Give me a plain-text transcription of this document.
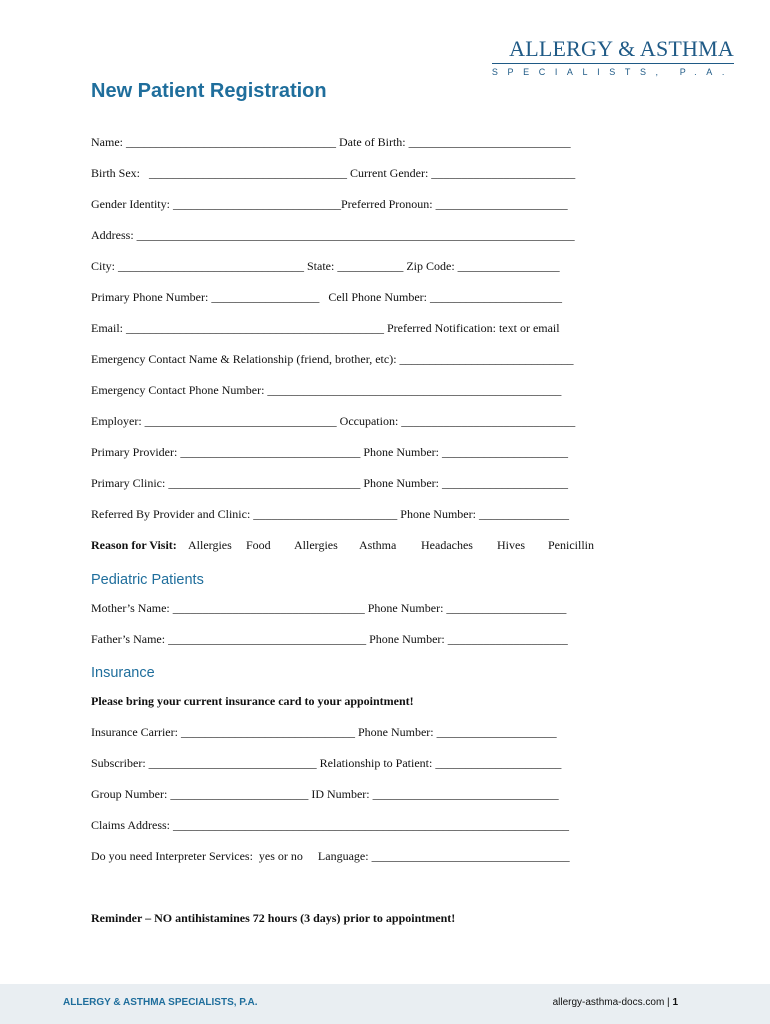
ALLERGY & ASTHMA
SPECIALISTS, P.A.
New Patient Registration
Name: ___________________________________ Date of Birth: ___________________________
Birth Sex:   _________________________________ Current Gender: ________________________
Gender Identity: ____________________________Preferred Pronoun: ______________________
Address: _________________________________________________________________________
City: _______________________________ State: ___________ Zip Code: _________________
Primary Phone Number: __________________   Cell Phone Number: ______________________
Email: ___________________________________________ Preferred Notification: text or email
Emergency Contact Name & Relationship (friend, brother, etc): _____________________________
Emergency Contact Phone Number: _________________________________________________
Employer: ________________________________ Occupation: _____________________________
Primary Provider: ______________________________ Phone Number: _____________________
Primary Clinic: ________________________________ Phone Number: _____________________
Referred By Provider and Clinic: ________________________ Phone Number: _______________

Reason for Visit:

Allergies

Food

Allergies

Asthma

Headaches

Hives

Penicillin

Pediatric Patients
Mother’s Name: ________________________________ Phone Number: ____________________
Father’s Name: _________________________________ Phone Number: ____________________
Insurance
Please bring your current insurance card to your appointment!
Insurance Carrier: _____________________________ Phone Number: ____________________
Subscriber: ____________________________ Relationship to Patient: _____________________
Group Number: _______________________ ID Number: _______________________________
Claims Address: __________________________________________________________________
Do you need Interpreter Services:  yes or no     Language: _________________________________
Reminder – NO antihistamines 72 hours (3 days) prior to appointment!
ALLERGY & ASTHMA SPECIALISTS, P.A.	allergy-asthma-docs.com | 1
